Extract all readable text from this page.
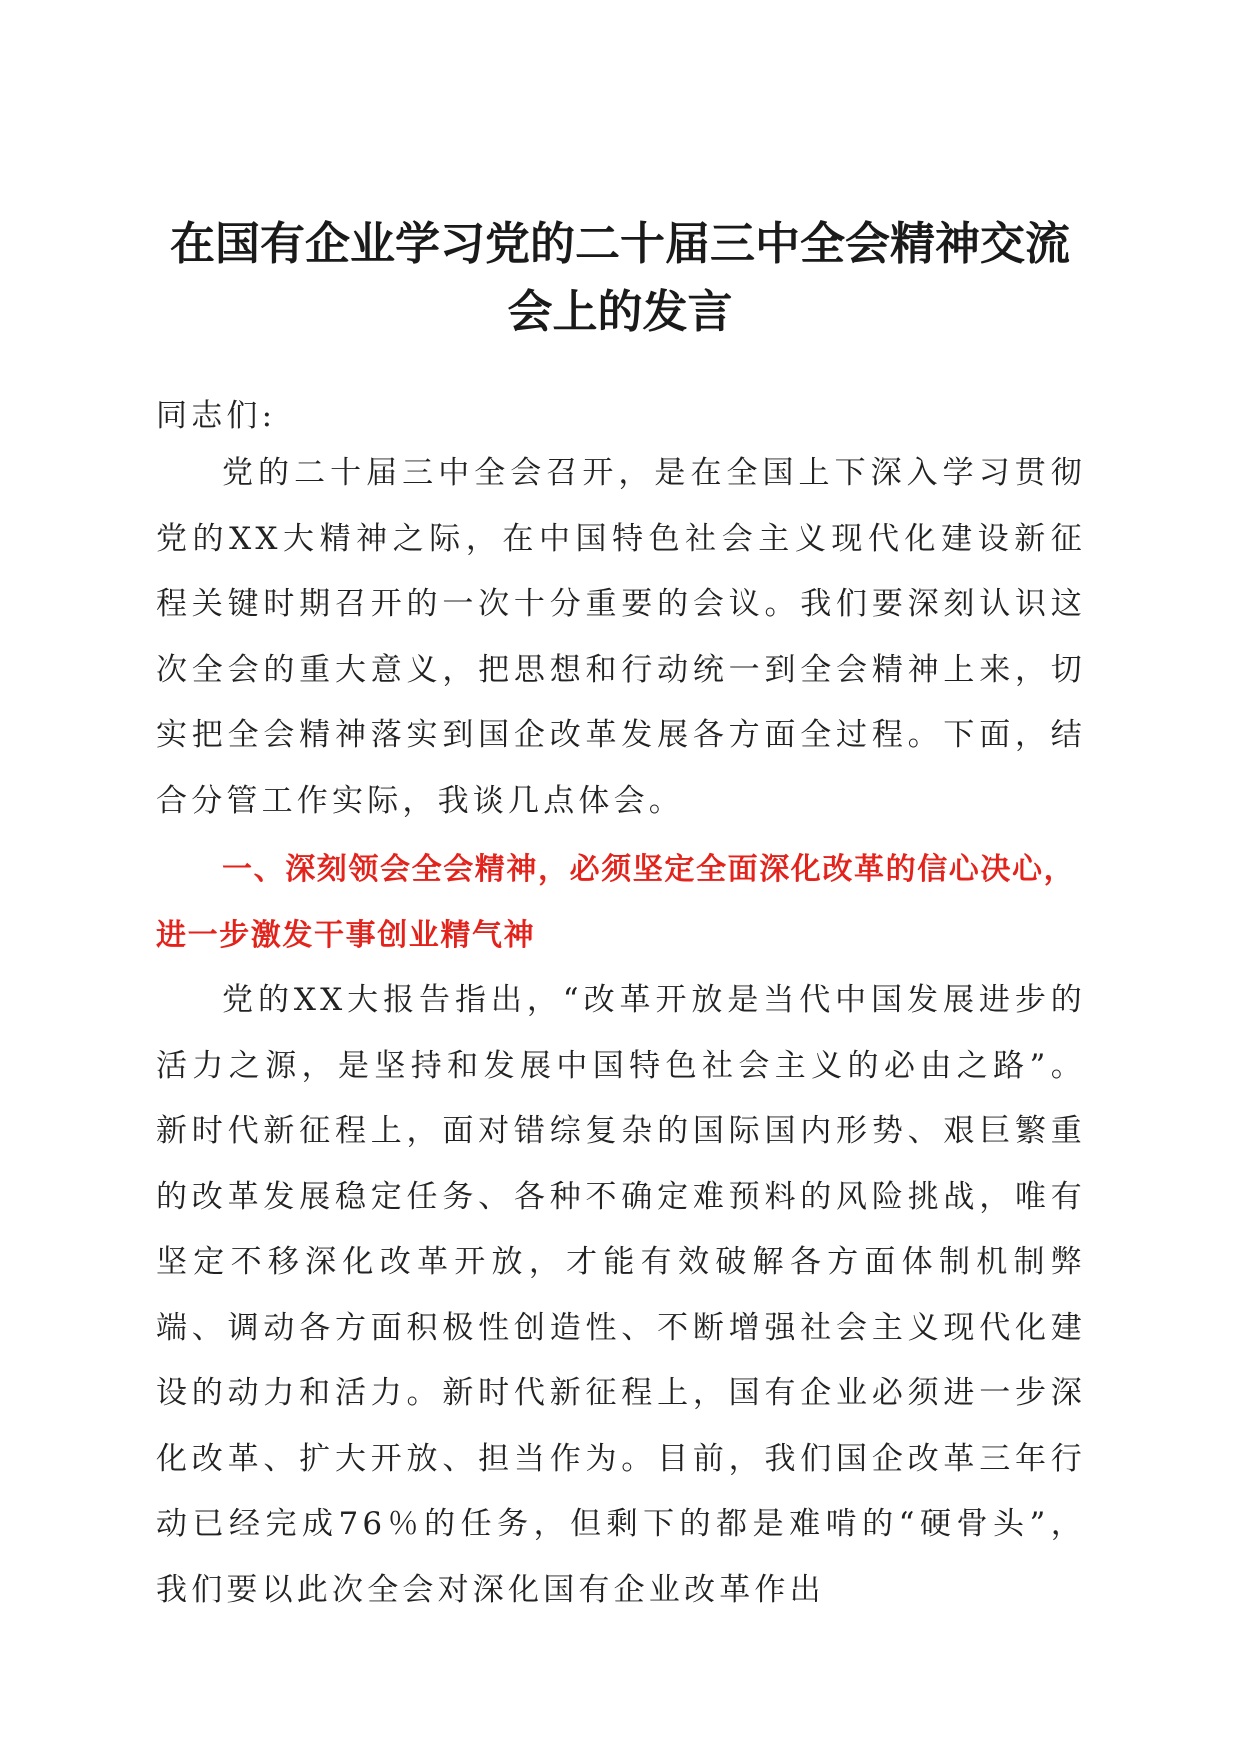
在国有企业学习党的二十届三中全会精神交流会上的发言

同志们:

党的二十届三中全会召开，是在全国上下深入学习贯彻党的XX大精神之际，在中国特色社会主义现代化建设新征程关键时期召开的一次十分重要的会议。我们要深刻认识这次全会的重大意义，把思想和行动统一到全会精神上来，切实把全会精神落实到国企改革发展各方面全过程。下面，结合分管工作实际，我谈几点体会。

一、深刻领会全会精神，必须坚定全面深化改革的信心决心，进一步激发干事创业精气神

党的XX大报告指出，“改革开放是当代中国发展进步的活力之源，是坚持和发展中国特色社会主义的必由之路”。新时代新征程上，面对错综复杂的国际国内形势、艰巨繁重的改革发展稳定任务、各种不确定难预料的风险挑战，唯有坚定不移深化改革开放，才能有效破解各方面体制机制弊端、调动各方面积极性创造性、不断增强社会主义现代化建设的动力和活力。新时代新征程上，国有企业必须进一步深化改革、扩大开放、担当作为。目前，我们国企改革三年行动已经完成76％的任务，但剩下的都是难啃的“硬骨头”，我们要以此次全会对深化国有企业改革作出
